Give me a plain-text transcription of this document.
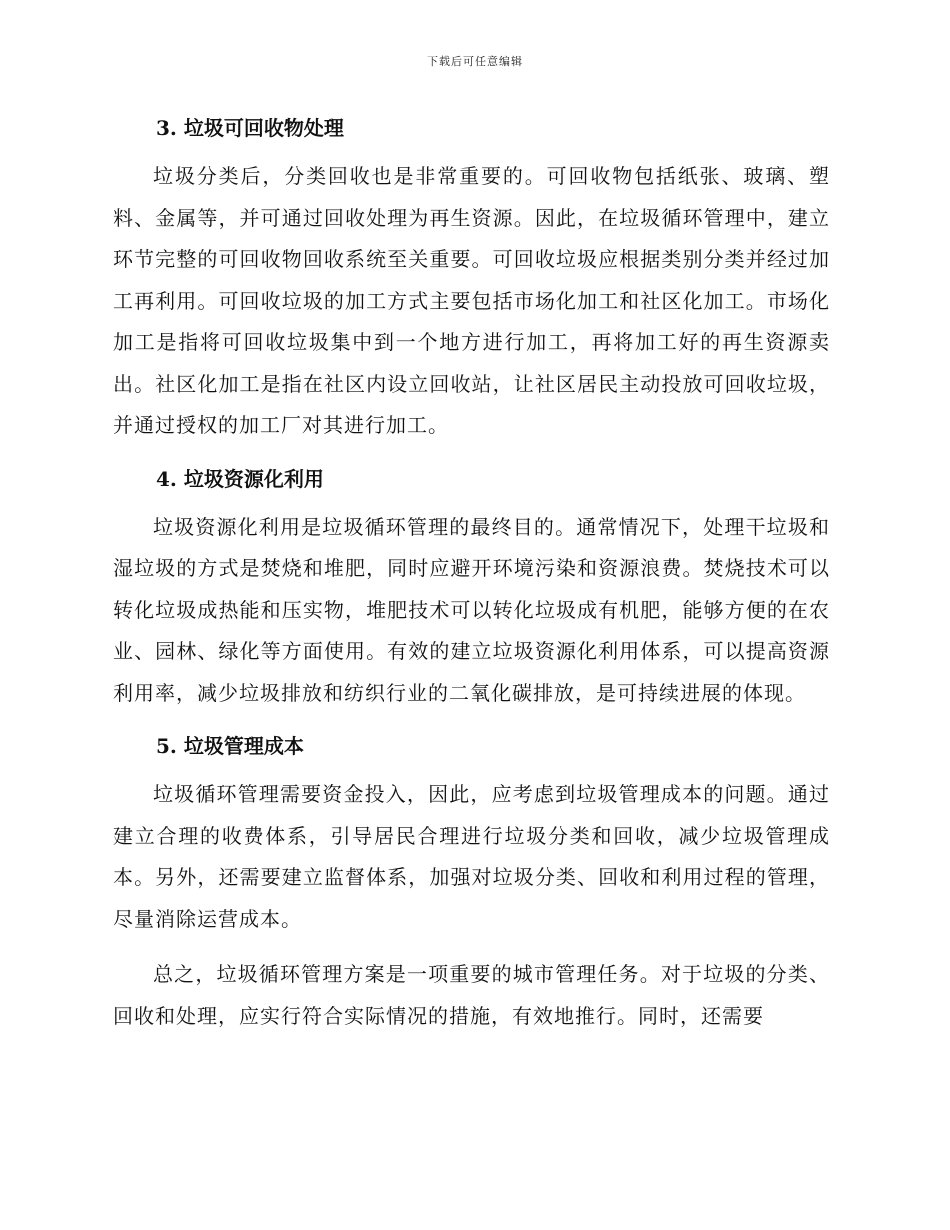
下载后可任意编辑
3. 垃圾可回收物处理

垃圾分类后，分类回收也是非常重要的。可回收物包括纸张、玻璃、塑料、金属等，并可通过回收处理为再生资源。因此，在垃圾循环管理中，建立环节完整的可回收物回收系统至关重要。可回收垃圾应根据类别分类并经过加工再利用。可回收垃圾的加工方式主要包括市场化加工和社区化加工。市场化加工是指将可回收垃圾集中到一个地方进行加工，再将加工好的再生资源卖出。社区化加工是指在社区内设立回收站，让社区居民主动投放可回收垃圾，并通过授权的加工厂对其进行加工。

4. 垃圾资源化利用

垃圾资源化利用是垃圾循环管理的最终目的。通常情况下，处理干垃圾和湿垃圾的方式是焚烧和堆肥，同时应避开环境污染和资源浪费。焚烧技术可以转化垃圾成热能和压实物，堆肥技术可以转化垃圾成有机肥，能够方便的在农业、园林、绿化等方面使用。有效的建立垃圾资源化利用体系，可以提高资源利用率，减少垃圾排放和纺织行业的二氧化碳排放，是可持续进展的体现。

5. 垃圾管理成本

垃圾循环管理需要资金投入，因此，应考虑到垃圾管理成本的问题。通过建立合理的收费体系，引导居民合理进行垃圾分类和回收，减少垃圾管理成本。另外，还需要建立监督体系，加强对垃圾分类、回收和利用过程的管理，尽量消除运营成本。

总之，垃圾循环管理方案是一项重要的城市管理任务。对于垃圾的分类、回收和处理，应实行符合实际情况的措施，有效地推行。同时，还需要
